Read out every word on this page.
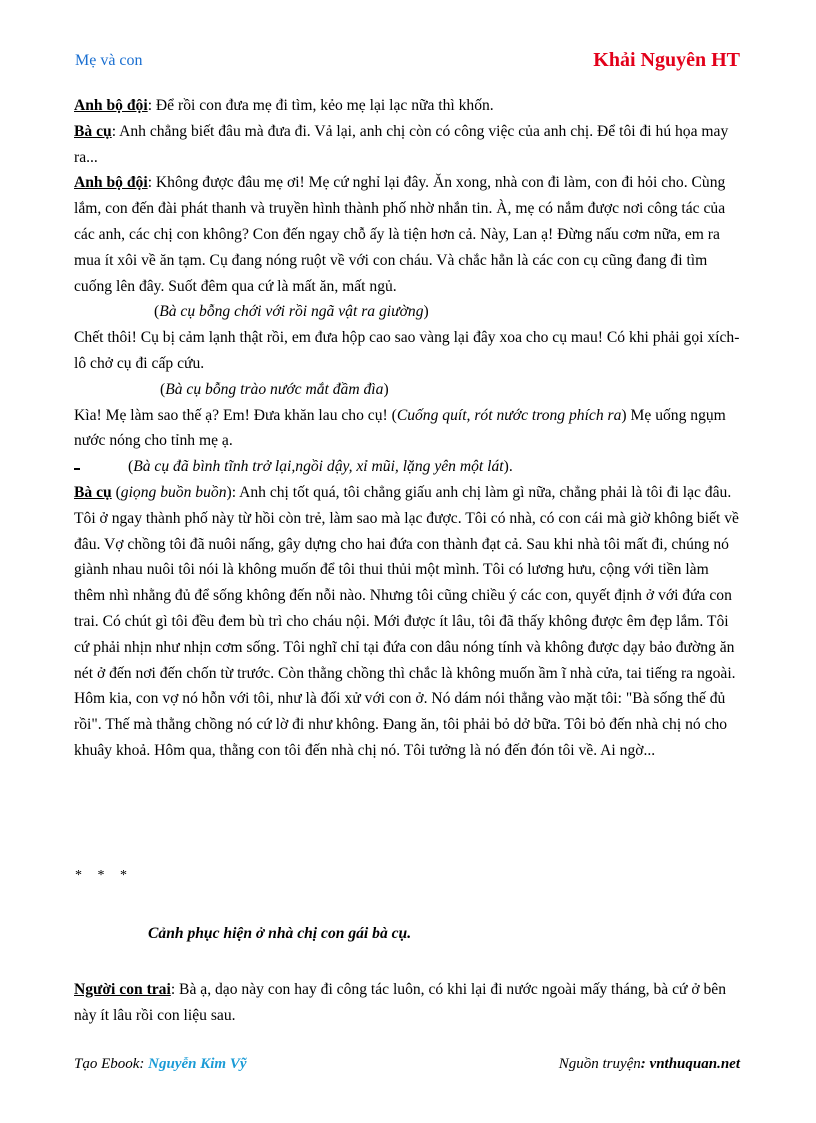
Mẹ và con	Khải Nguyên HT

Anh bộ đội: Để rồi con đưa mẹ đi tìm, kẻo mẹ lại lạc nữa thì khốn.

Bà cụ: Anh chẳng biết đâu mà đưa đi. Vả lại, anh chị còn có công việc của anh chị. Để tôi đi hú họa may ra...

Anh bộ đội: Không được đâu mẹ ơi! Mẹ cứ nghỉ lại đây. Ăn xong, nhà con đi làm, con đi hỏi cho. Cùng lắm, con đến đài phát thanh và truyền hình thành phố nhờ nhắn tin. À, mẹ có nắm được nơi công tác của các anh, các chị con không? Con đến ngay chỗ ấy là tiện hơn cả. Này, Lan ạ! Đừng nấu cơm nữa, em ra mua ít xôi về ăn tạm. Cụ đang nóng ruột về với con cháu. Và chắc hẳn là các con cụ cũng đang đi tìm cuống lên đây. Suốt đêm qua cứ là mất ăn, mất ngủ.

(Bà cụ bỗng chới với rồi ngã vật ra giường)

Chết thôi! Cụ bị cảm lạnh thật rồi, em đưa hộp cao sao vàng lại đây xoa cho cụ mau! Có khi phải gọi xích-lô chở cụ đi cấp cứu.

(Bà cụ bỗng trào nước mắt đầm đìa)

Kìa! Mẹ làm sao thế ạ? Em! Đưa khăn lau cho cụ! (Cuống quít, rót nước trong phích ra) Mẹ uống ngụm nước nóng cho tỉnh mẹ ạ.

(Bà cụ đã bình tĩnh trở lại,ngồi dậy, xỉ mũi, lặng yên một lát).

Bà cụ (giọng buồn buồn): Anh chị tốt quá, tôi chẳng giấu anh chị làm gì nữa, chẳng phải là tôi đi lạc đâu. Tôi ở ngay thành phố này từ hồi còn trẻ, làm sao mà lạc được. Tôi có nhà, có con cái mà giờ không biết về đâu. Vợ chồng tôi đã nuôi nấng, gây dựng cho hai đứa con thành đạt cả. Sau khi nhà tôi mất đi, chúng nó giành nhau nuôi tôi nói là không muốn để tôi thui thủi một mình. Tôi có lương hưu, cộng với tiền làm thêm nhì nhằng đủ để sống không đến nỗi nào. Nhưng tôi cũng chiều ý các con, quyết định ở với đứa con trai. Có chút gì tôi đều đem bù trì cho cháu nội. Mới được ít lâu, tôi đã thấy không được êm đẹp lắm. Tôi cứ phải nhịn như nhịn cơm sống. Tôi nghĩ chỉ tại đứa con dâu nóng tính và không được dạy bảo đường ăn nét ở đến nơi đến chốn từ trước. Còn thằng chồng thì chắc là không muốn ầm ĩ nhà cửa, tai tiếng ra ngoài. Hôm kia, con vợ nó hỗn với tôi, như là đối xử với con ở. Nó dám nói thẳng vào mặt tôi: "Bà sống thế đủ rồi". Thế mà thằng chồng nó cứ lờ đi như không. Đang ăn, tôi phải bỏ dở bữa. Tôi bỏ đến nhà chị nó cho khuây khoả. Hôm qua, thằng con tôi đến nhà chị nó. Tôi tưởng là nó đến đón tôi về. Ai ngờ...

* * *
Cảnh phục hiện ở nhà chị con gái bà cụ.

Người con trai: Bà ạ, dạo này con hay đi công tác luôn, có khi lại đi nước ngoài mấy tháng, bà cứ ở bên này ít lâu rồi con liệu sau.

Tạo Ebook: Nguyễn Kim Vỹ	Nguồn truyện: vnthuquan.net
